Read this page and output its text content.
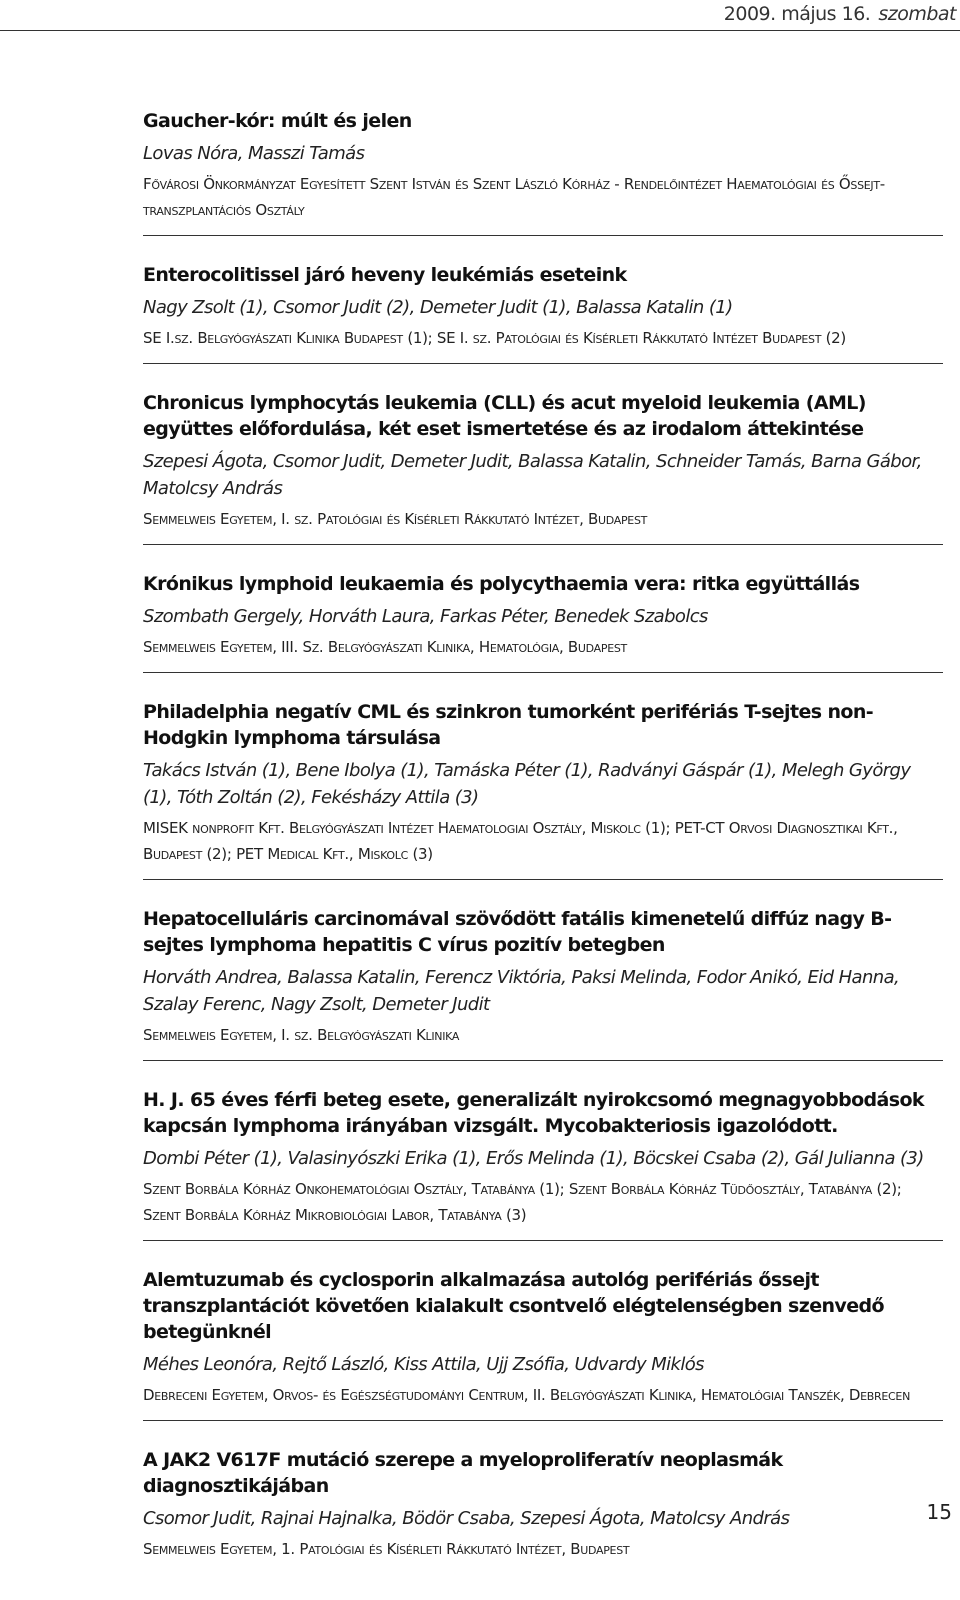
2009. május 16. szombat
Gaucher-kór: múlt és jelen
Lovas Nóra, Masszi Tamás
Fővárosi Önkormányzat Egyesített Szent István és Szent László Kórház - Rendelőintézet Haematológiai és Őssejt-transzplantációs Osztály
Enterocolitissel járó heveny leukémiás eseteink
Nagy Zsolt (1), Csomor Judit (2), Demeter Judit (1), Balassa Katalin (1)
SE I.sz. Belgyógyászati Klinika Budapest (1); SE I. sz. Patológiai és Kísérleti Rákkutató Intézet Budapest (2)
Chronicus lymphocytás leukemia (CLL) és acut myeloid leukemia (AML) együttes előfordulása, két eset ismertetése és az irodalom áttekintése
Szepesi Ágota, Csomor Judit, Demeter Judit, Balassa Katalin, Schneider Tamás, Barna Gábor, Matolcsy András
Semmelweis Egyetem, I. sz. Patológiai és Kísérleti Rákkutató Intézet, Budapest
Krónikus lymphoid leukaemia és polycythaemia vera: ritka együttállás
Szombath Gergely, Horváth Laura, Farkas Péter, Benedek Szabolcs
Semmelweis Egyetem, III. Sz. Belgyógyászati Klinika, Hematológia, Budapest
Philadelphia negatív CML és szinkron tumorként perifériás T-sejtes non-Hodgkin lymphoma társulása
Takács István (1), Bene Ibolya (1), Tamáska Péter (1), Radványi Gáspár (1), Melegh György (1), Tóth Zoltán (2), Fekésházy Attila (3)
MISEK nonprofit Kft. Belgyógyászati Intézet Haematologiai Osztály, Miskolc (1); PET-CT Orvosi Diagnosztikai Kft., Budapest (2); PET Medical Kft., Miskolc (3)
Hepatocelluláris carcinomával szövődött fatális kimenetelű diffúz nagy B-sejtes lymphoma hepatitis C vírus pozitív betegben
Horváth Andrea, Balassa Katalin, Ferencz Viktória, Paksi Melinda, Fodor Anikó, Eid Hanna, Szalay Ferenc, Nagy Zsolt, Demeter Judit
Semmelweis Egyetem, I. sz. Belgyógyászati Klinika
H. J. 65 éves férfi beteg esete, generalizált nyirokcsomó megnagyobbodások kapcsán lymphoma irányában vizsgált. Mycobakteriosis igazolódott.
Dombi Péter (1), Valasinyószki Erika (1), Erős Melinda (1), Böcskei Csaba (2), Gál Julianna (3)
Szent Borbála Kórház Onkohematológiai Osztály, Tatabánya (1); Szent Borbála Kórház Tüdőosztály, Tatabánya (2); Szent Borbála Kórház Mikrobiológiai Labor, Tatabánya (3)
Alemtuzumab és cyclosporin alkalmazása autológ perifériás őssejt transzplantációt követően kialakult csontvelő elégtelenségben szenvedő betegünknél
Méhes Leonóra, Rejtő László, Kiss Attila, Ujj Zsófia, Udvardy Miklós
Debreceni Egyetem, Orvos- és Egészségtudományi Centrum, II. Belgyógyászati Klinika, Hematológiai Tanszék, Debrecen
A JAK2 V617F mutáció szerepe a myeloproliferatív neoplasmák diagnosztikájában
Csomor Judit, Rajnai Hajnalka, Bödör Csaba, Szepesi Ágota, Matolcsy András
Semmelweis Egyetem, 1. Patológiai és Kísérleti Rákkutató Intézet, Budapest
15
